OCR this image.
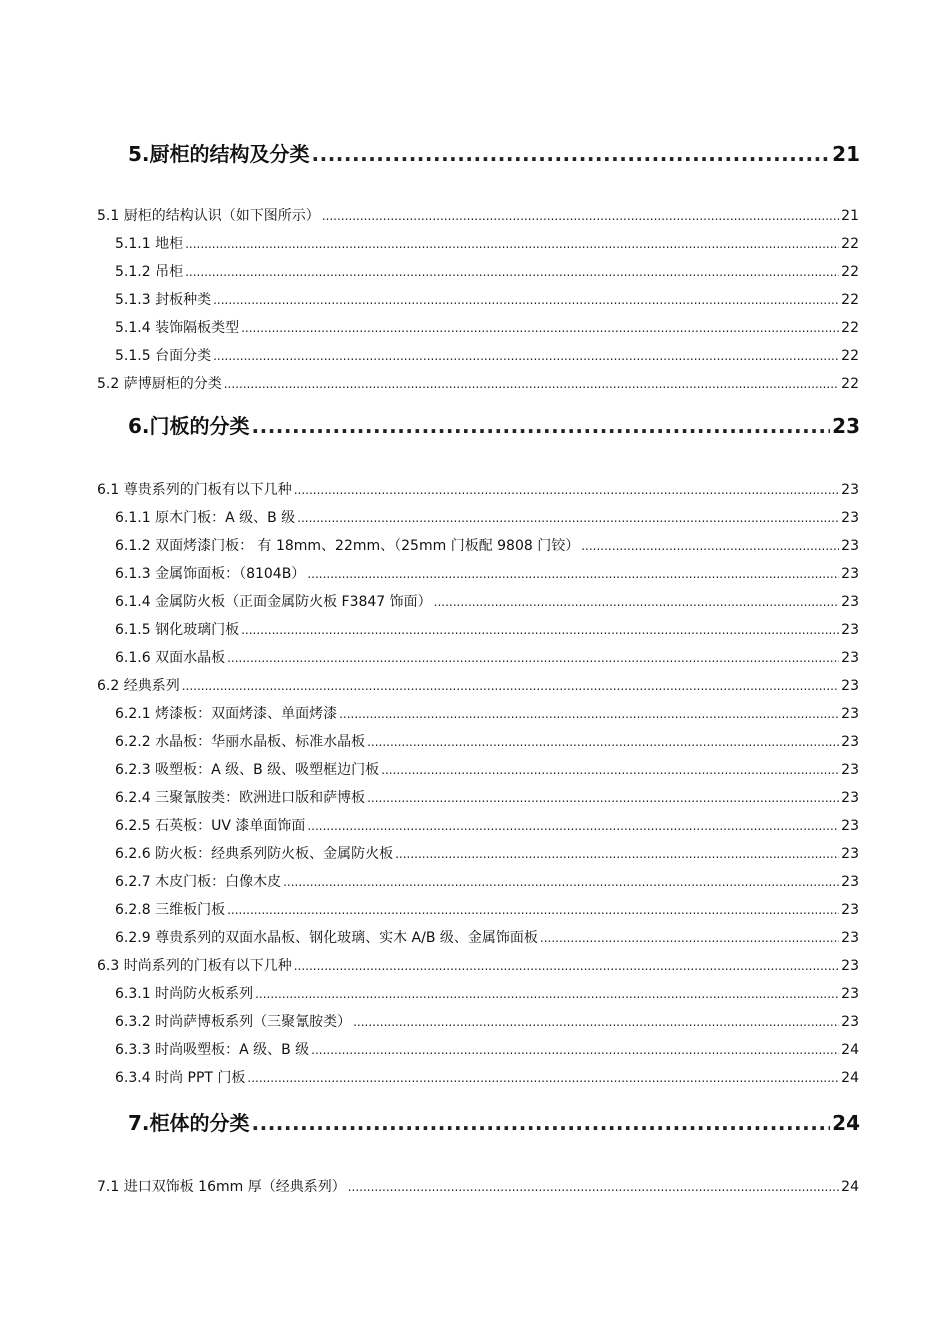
5.厨柜的结构及分类 .....	21
5.1 厨柜的结构认识（如下图所示） .....	21
5.1.1 地柜 .....	22
5.1.2 吊柜 .....	22
5.1.3 封板种类 .....	22
5.1.4 装饰隔板类型 .....	22
5.1.5 台面分类 .....	22
5.2 萨博厨柜的分类 .....	22
6.门板的分类 .....	23
6.1 尊贵系列的门板有以下几种 .....	23
6.1.1 原木门板：A 级、B 级 .....	23
6.1.2 双面烤漆门板： 有 18mm、22mm、（25mm 门板配 9808 门铰） .....	23
6.1.3 金属饰面板：（8104B） .....	23
6.1.4 金属防火板（正面金属防火板 F3847 饰面） .....	23
6.1.5 钢化玻璃门板 .....	23
6.1.6 双面水晶板 .....	23
6.2 经典系列 .....	23
6.2.1 烤漆板：双面烤漆、单面烤漆 .....	23
6.2.2 水晶板：华丽水晶板、标准水晶板 .....	23
6.2.3 吸塑板：A 级、B 级、吸塑框边门板 .....	23
6.2.4 三聚氰胺类：欧洲进口版和萨博板 .....	23
6.2.5 石英板：UV 漆单面饰面 .....	23
6.2.6 防火板：经典系列防火板、金属防火板 .....	23
6.2.7 木皮门板：白像木皮 .....	23
6.2.8 三维板门板 .....	23
6.2.9 尊贵系列的双面水晶板、钢化玻璃、实木 A/B 级、金属饰面板 .....	23
6.3 时尚系列的门板有以下几种 .....	23
6.3.1 时尚防火板系列 .....	23
6.3.2 时尚萨博板系列（三聚氰胺类） .....	23
6.3.3 时尚吸塑板：A 级、B 级 .....	24
6.3.4 时尚 PPT 门板 .....	24
7.柜体的分类 .....	24
7.1 进口双饰板 16mm 厚（经典系列） .....	24
